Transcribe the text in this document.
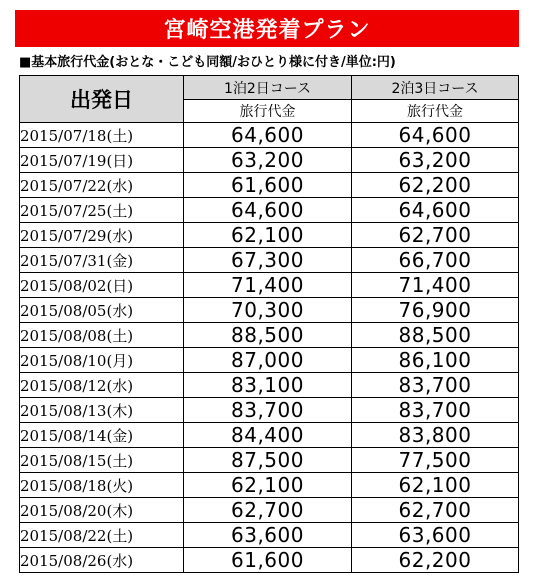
宮崎空港発着プラン
■基本旅行代金(おとな・こども同額/おひとり様に付き/単位:円)
出発日	1泊2日コース	2泊3日コース
	旅行代金	旅行代金
2015/07/18(土)	64,600	64,600
2015/07/19(日)	63,200	63,200
2015/07/22(水)	61,600	62,200
2015/07/25(土)	64,600	64,600
2015/07/29(水)	62,100	62,700
2015/07/31(金)	67,300	66,700
2015/08/02(日)	71,400	71,400
2015/08/05(水)	70,300	76,900
2015/08/08(土)	88,500	88,500
2015/08/10(月)	87,000	86,100
2015/08/12(水)	83,100	83,700
2015/08/13(木)	83,700	83,700
2015/08/14(金)	84,400	83,800
2015/08/15(土)	87,500	77,500
2015/08/18(火)	62,100	62,100
2015/08/20(木)	62,700	62,700
2015/08/22(土)	63,600	63,600
2015/08/26(水)	61,600	62,200
